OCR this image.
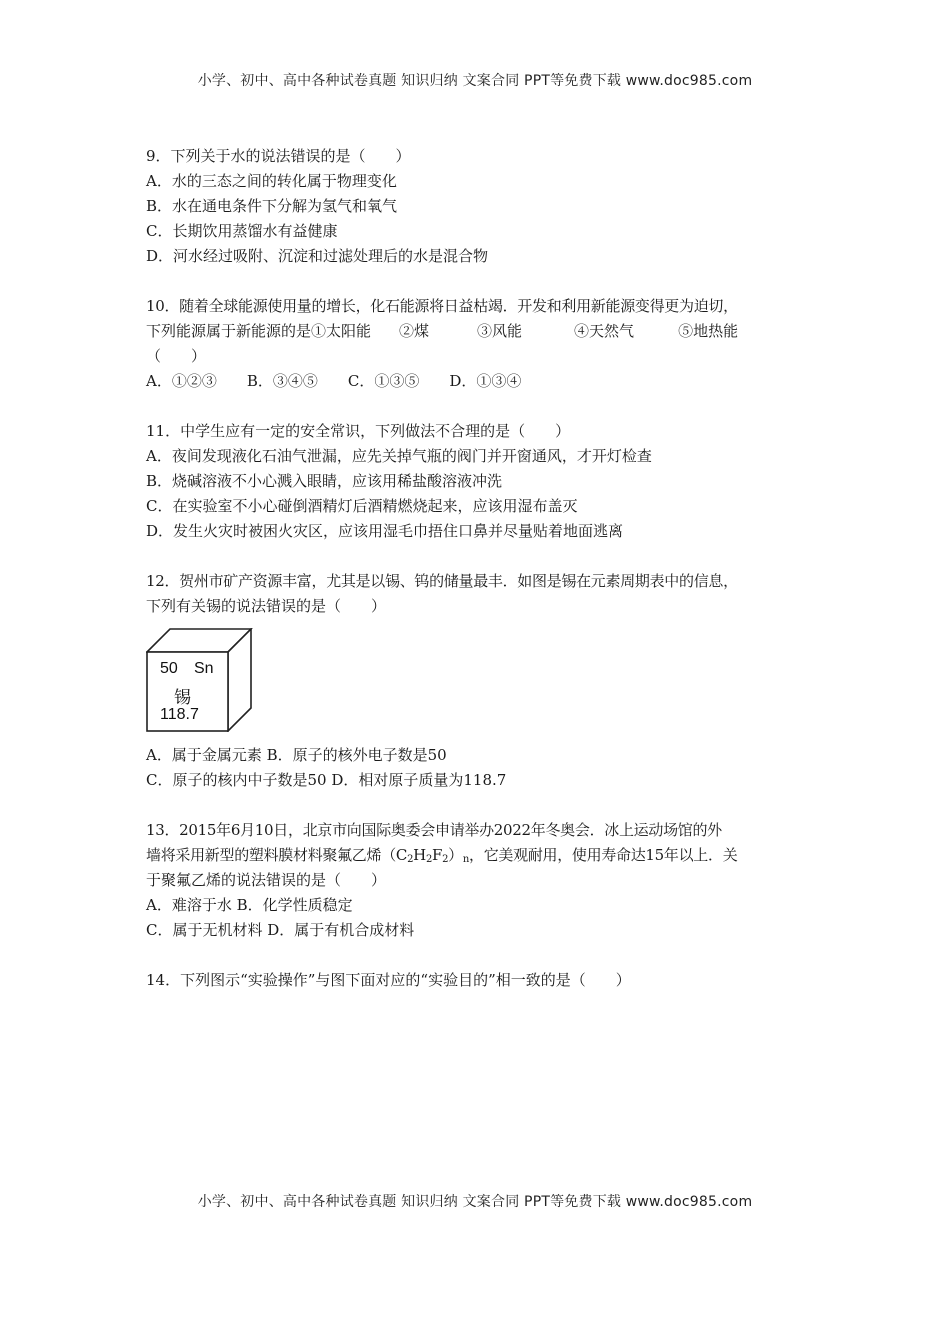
小学、初中、高中各种试卷真题 知识归纳 文案合同 PPT等免费下载 www.doc985.com
9．下列关于水的说法错误的是（　　）
A．水的三态之间的转化属于物理变化
B．水在通电条件下分解为氢气和氧气
C．长期饮用蒸馏水有益健康
D．河水经过吸附、沉淀和过滤处理后的水是混合物
10．随着全球能源使用量的增长，化石能源将日益枯竭．开发和利用新能源变得更为迫切，
下列能源属于新能源的是①太阳能 ②煤	③风能	④天然气	⑤地热能
（　　）
A．①②③　　B．③④⑤　　C．①③⑤　　D．①③④
11．中学生应有一定的安全常识，下列做法不合理的是（　　）
A．夜间发现液化石油气泄漏，应先关掉气瓶的阀门并开窗通风，才开灯检查
B．烧碱溶液不小心溅入眼睛，应该用稀盐酸溶液冲洗
C．在实验室不小心碰倒酒精灯后酒精燃烧起来，应该用湿布盖灭
D．发生火灾时被困火灾区，应该用湿毛巾捂住口鼻并尽量贴着地面逃离
12．贺州市矿产资源丰富，尤其是以锡、钨的储量最丰．如图是锡在元素周期表中的信息，
下列有关锡的说法错误的是（　　）
50 Sn
锡
118.7
A．属于金属元素 B．原子的核外电子数是50
C．原子的核内中子数是50 D．相对原子质量为118.7
13．2015年6月10日，北京市向国际奥委会申请举办2022年冬奥会．冰上运动场馆的外
墙将采用新型的塑料膜材料聚氟乙烯$(C_2H_2F_2)_n$，它美观耐用，使用寿命达15年以上．关
于聚氟乙烯的说法错误的是（　　）
A．难溶于水 B．化学性质稳定
C．属于无机材料 D．属于有机合成材料
14．下列图示“实验操作”与图下面对应的“实验目的”相一致的是（　　）
小学、初中、高中各种试卷真题 知识归纳 文案合同 PPT等免费下载 www.doc985.com
